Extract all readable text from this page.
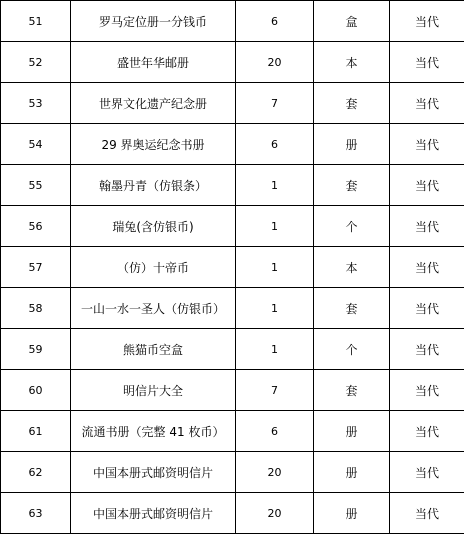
51	罗马定位册一分钱币	6	盒	当代
52	盛世年华邮册	20	本	当代
53	世界文化遗产纪念册	7	套	当代
54	29 界奥运纪念书册	6	册	当代
55	翰墨丹青（仿银条）	1	套	当代
56	瑞兔(含仿银币)	1	个	当代
57	（仿）十帝币	1	本	当代
58	一山一水一圣人（仿银币）	1	套	当代
59	熊猫币空盒	1	个	当代
60	明信片大全	7	套	当代
61	流通书册（完整 41 枚币）	6	册	当代
62	中国本册式邮资明信片	20	册	当代
63	中国本册式邮资明信片	20	册	当代
